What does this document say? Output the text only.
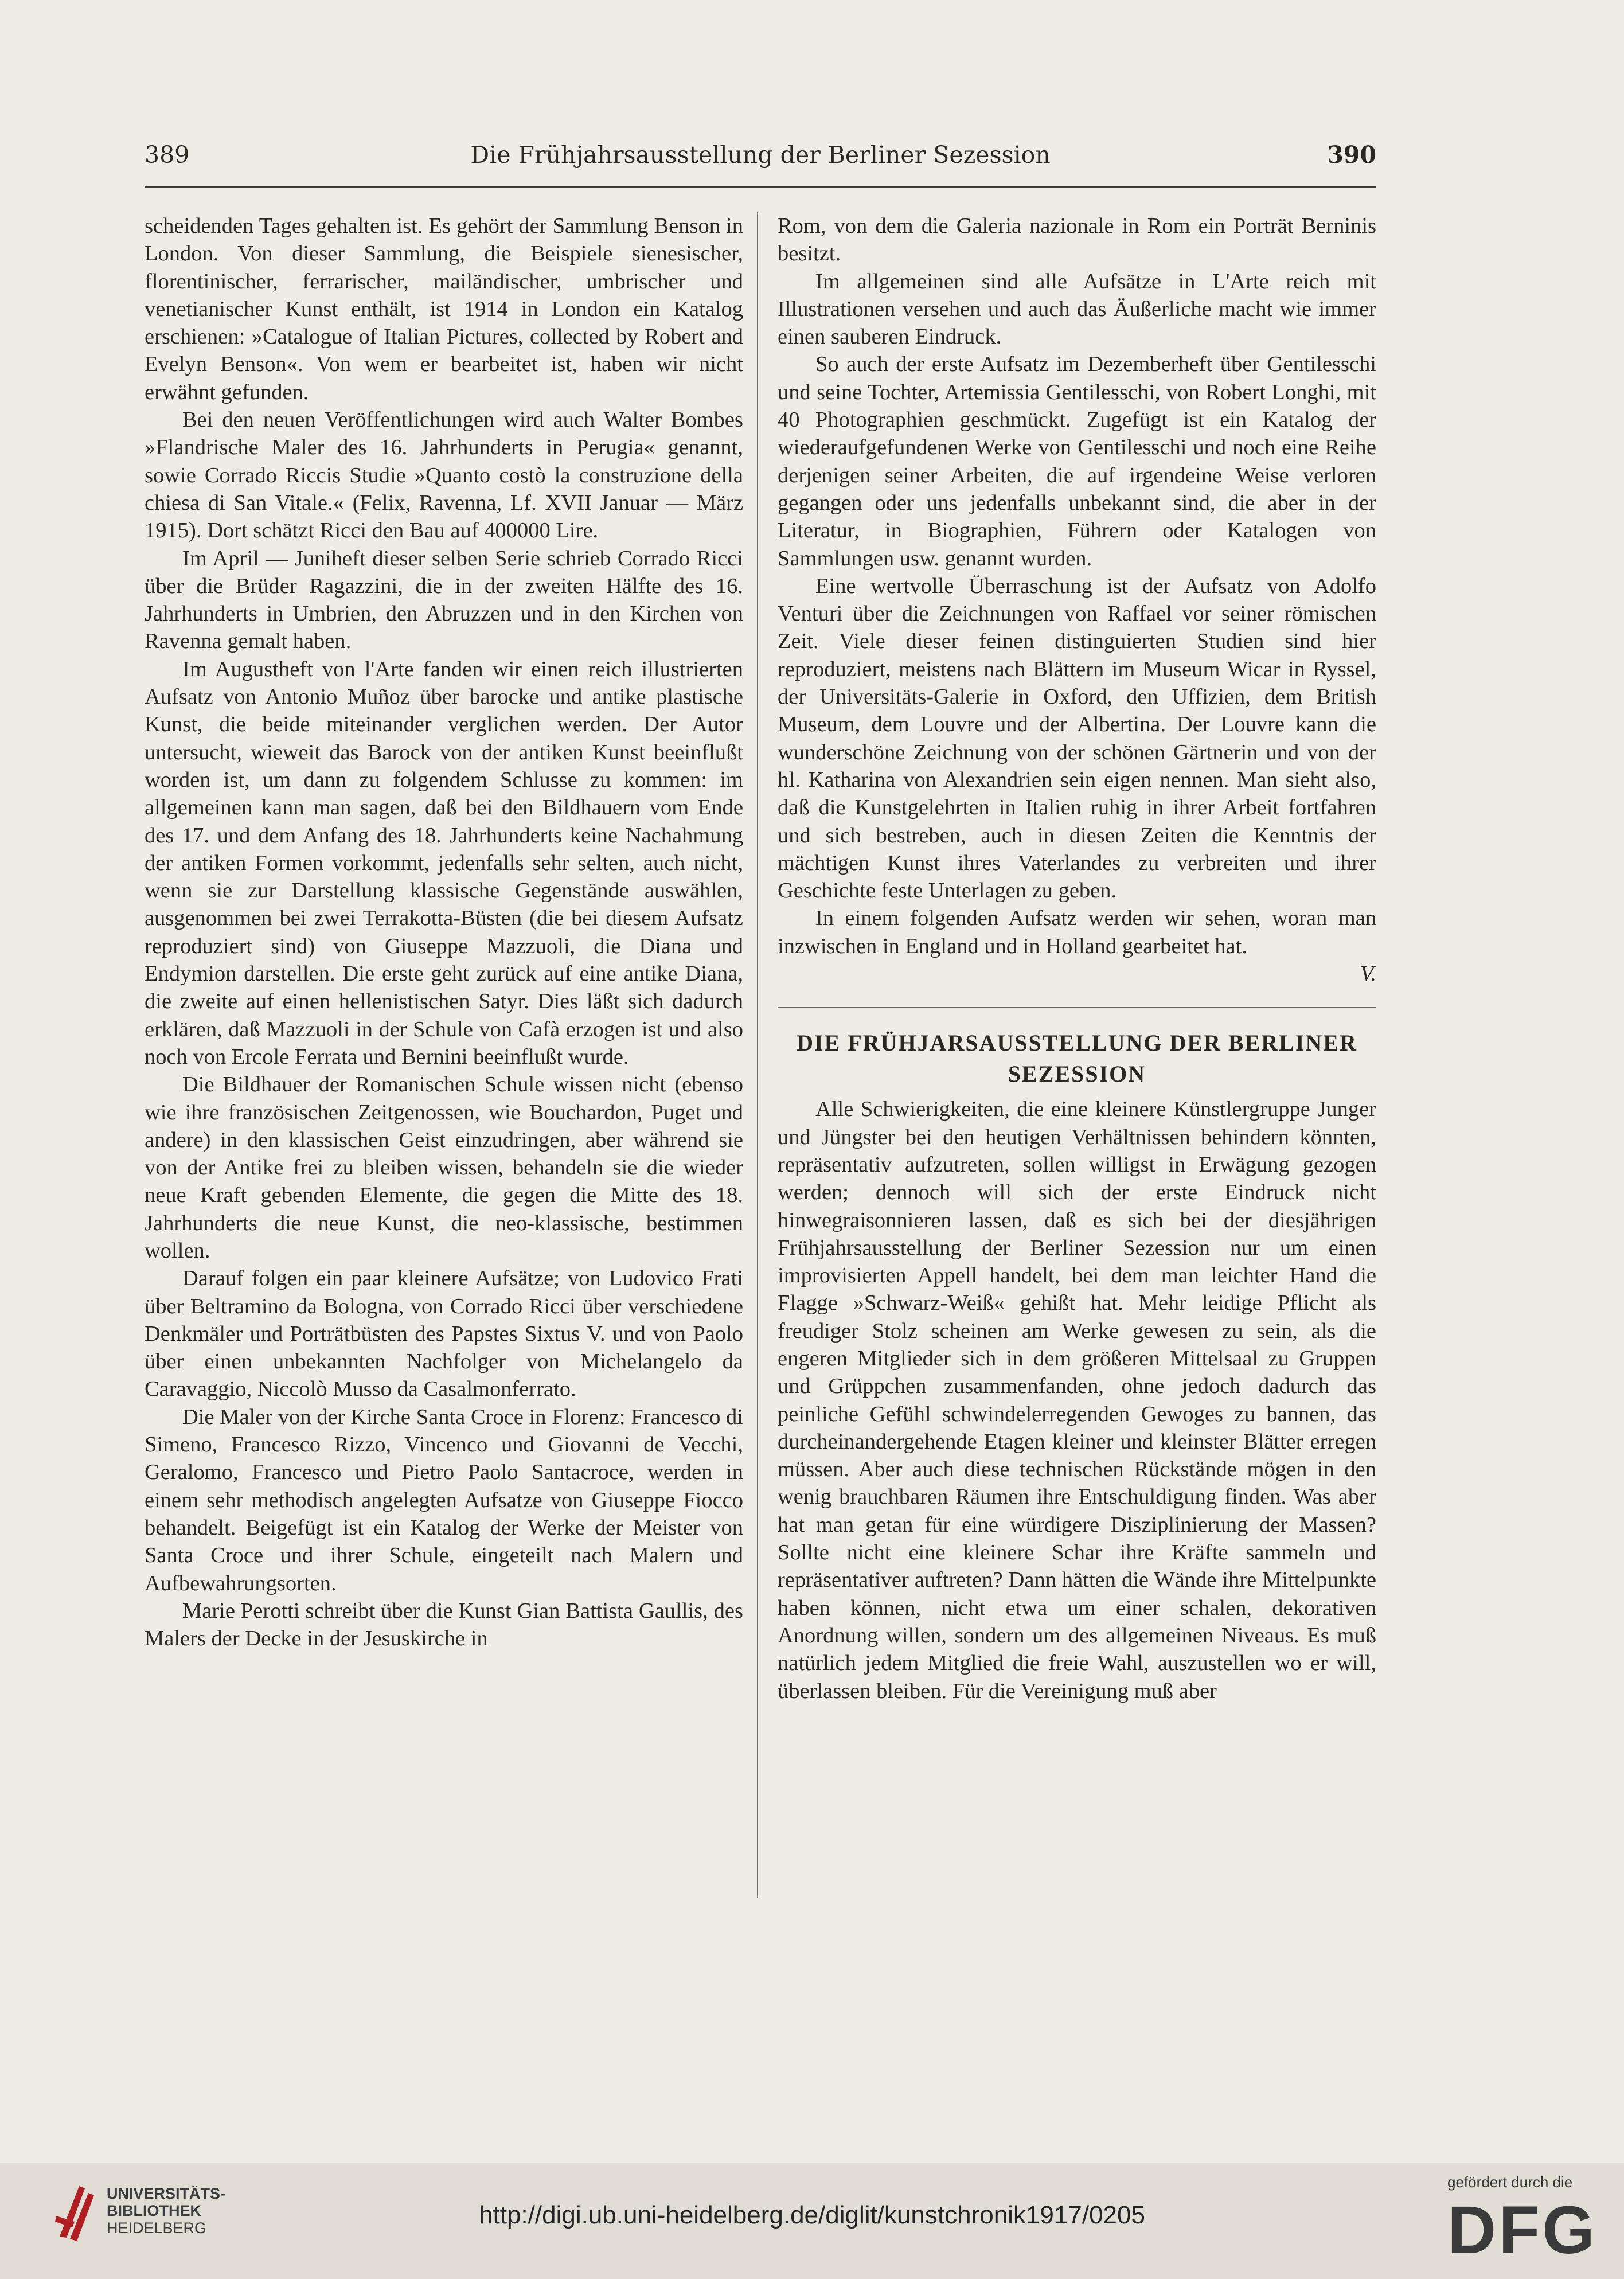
389	Die Frühjahrsausstellung der Berliner Sezession	390

scheidenden Tages gehalten ist. Es gehört der Sammlung Benson in London. Von dieser Sammlung, die Beispiele sienesischer, florentinischer, ferrarischer, mailändischer, umbrischer und venetianischer Kunst enthält, ist 1914 in London ein Katalog erschienen: »Catalogue of Italian Pictures, collected by Robert and Evelyn Benson«. Von wem er bearbeitet ist, haben wir nicht erwähnt gefunden.

Bei den neuen Veröffentlichungen wird auch Walter Bombes »Flandrische Maler des 16. Jahrhunderts in Perugia« genannt, sowie Corrado Riccis Studie »Quanto costò la construzione della chiesa di San Vitale.« (Felix, Ravenna, Lf. XVII Januar — März 1915). Dort schätzt Ricci den Bau auf 400000 Lire.

Im April — Juniheft dieser selben Serie schrieb Corrado Ricci über die Brüder Ragazzini, die in der zweiten Hälfte des 16. Jahrhunderts in Umbrien, den Abruzzen und in den Kirchen von Ravenna gemalt haben.

Im Augustheft von l'Arte fanden wir einen reich illustrierten Aufsatz von Antonio Muñoz über barocke und antike plastische Kunst, die beide miteinander verglichen werden. Der Autor untersucht, wieweit das Barock von der antiken Kunst beeinflußt worden ist, um dann zu folgendem Schlusse zu kommen: im allgemeinen kann man sagen, daß bei den Bildhauern vom Ende des 17. und dem Anfang des 18. Jahrhunderts keine Nachahmung der antiken Formen vorkommt, jedenfalls sehr selten, auch nicht, wenn sie zur Darstellung klassische Gegenstände auswählen, ausgenommen bei zwei Terrakotta-Büsten (die bei diesem Aufsatz reproduziert sind) von Giuseppe Mazzuoli, die Diana und Endymion darstellen. Die erste geht zurück auf eine antike Diana, die zweite auf einen hellenistischen Satyr. Dies läßt sich dadurch erklären, daß Mazzuoli in der Schule von Cafà erzogen ist und also noch von Ercole Ferrata und Bernini beeinflußt wurde.

Die Bildhauer der Romanischen Schule wissen nicht (ebenso wie ihre französischen Zeitgenossen, wie Bouchardon, Puget und andere) in den klassischen Geist einzudringen, aber während sie von der Antike frei zu bleiben wissen, behandeln sie die wieder neue Kraft gebenden Elemente, die gegen die Mitte des 18. Jahrhunderts die neue Kunst, die neo-klassische, bestimmen wollen.

Darauf folgen ein paar kleinere Aufsätze; von Ludovico Frati über Beltramino da Bologna, von Corrado Ricci über verschiedene Denkmäler und Porträtbüsten des Papstes Sixtus V. und von Paolo über einen unbekannten Nachfolger von Michelangelo da Caravaggio, Niccolò Musso da Casalmonferrato.

Die Maler von der Kirche Santa Croce in Florenz: Francesco di Simeno, Francesco Rizzo, Vincenco und Giovanni de Vecchi, Geralomo, Francesco und Pietro Paolo Santacroce, werden in einem sehr methodisch angelegten Aufsatze von Giuseppe Fiocco behandelt. Beigefügt ist ein Katalog der Werke der Meister von Santa Croce und ihrer Schule, eingeteilt nach Malern und Aufbewahrungsorten.

Marie Perotti schreibt über die Kunst Gian Battista Gaullis, des Malers der Decke in der Jesuskirche in

Rom, von dem die Galeria nazionale in Rom ein Porträt Berninis besitzt.

Im allgemeinen sind alle Aufsätze in L'Arte reich mit Illustrationen versehen und auch das Äußerliche macht wie immer einen sauberen Eindruck.

So auch der erste Aufsatz im Dezemberheft über Gentilesschi und seine Tochter, Artemissia Gentilesschi, von Robert Longhi, mit 40 Photographien geschmückt. Zugefügt ist ein Katalog der wiederaufgefundenen Werke von Gentilesschi und noch eine Reihe derjenigen seiner Arbeiten, die auf irgendeine Weise verloren gegangen oder uns jedenfalls unbekannt sind, die aber in der Literatur, in Biographien, Führern oder Katalogen von Sammlungen usw. genannt wurden.

Eine wertvolle Überraschung ist der Aufsatz von Adolfo Venturi über die Zeichnungen von Raffael vor seiner römischen Zeit. Viele dieser feinen distinguierten Studien sind hier reproduziert, meistens nach Blättern im Museum Wicar in Ryssel, der Universitäts-Galerie in Oxford, den Uffizien, dem British Museum, dem Louvre und der Albertina. Der Louvre kann die wunderschöne Zeichnung von der schönen Gärtnerin und von der hl. Katharina von Alexandrien sein eigen nennen. Man sieht also, daß die Kunstgelehrten in Italien ruhig in ihrer Arbeit fortfahren und sich bestreben, auch in diesen Zeiten die Kenntnis der mächtigen Kunst ihres Vaterlandes zu verbreiten und ihrer Geschichte feste Unterlagen zu geben.

In einem folgenden Aufsatz werden wir sehen, woran man inzwischen in England und in Holland gearbeitet hat.

V.

DIE FRÜHJARSAUSSTELLUNG DER BERLINER SEZESSION

Alle Schwierigkeiten, die eine kleinere Künstlergruppe Junger und Jüngster bei den heutigen Verhältnissen behindern könnten, repräsentativ aufzutreten, sollen willigst in Erwägung gezogen werden; dennoch will sich der erste Eindruck nicht hinwegraisonnieren lassen, daß es sich bei der diesjährigen Frühjahrsausstellung der Berliner Sezession nur um einen improvisierten Appell handelt, bei dem man leichter Hand die Flagge »Schwarz-Weiß« gehißt hat. Mehr leidige Pflicht als freudiger Stolz scheinen am Werke gewesen zu sein, als die engeren Mitglieder sich in dem größeren Mittelsaal zu Gruppen und Grüppchen zusammenfanden, ohne jedoch dadurch das peinliche Gefühl schwindelerregenden Gewoges zu bannen, das durcheinandergehende Etagen kleiner und kleinster Blätter erregen müssen. Aber auch diese technischen Rückstände mögen in den wenig brauchbaren Räumen ihre Entschuldigung finden. Was aber hat man getan für eine würdigere Disziplinierung der Massen? Sollte nicht eine kleinere Schar ihre Kräfte sammeln und repräsentativer auftreten? Dann hätten die Wände ihre Mittelpunkte haben können, nicht etwa um einer schalen, dekorativen Anordnung willen, sondern um des allgemeinen Niveaus. Es muß natürlich jedem Mitglied die freie Wahl, auszustellen wo er will, überlassen bleiben. Für die Vereinigung muß aber

UNIVERSITÄTS-
BIBLIOTHEK
HEIDELBERG	http://digi.ub.uni-heidelberg.de/diglit/kunstchronik1917/0205
gefördert durch die
DFG
